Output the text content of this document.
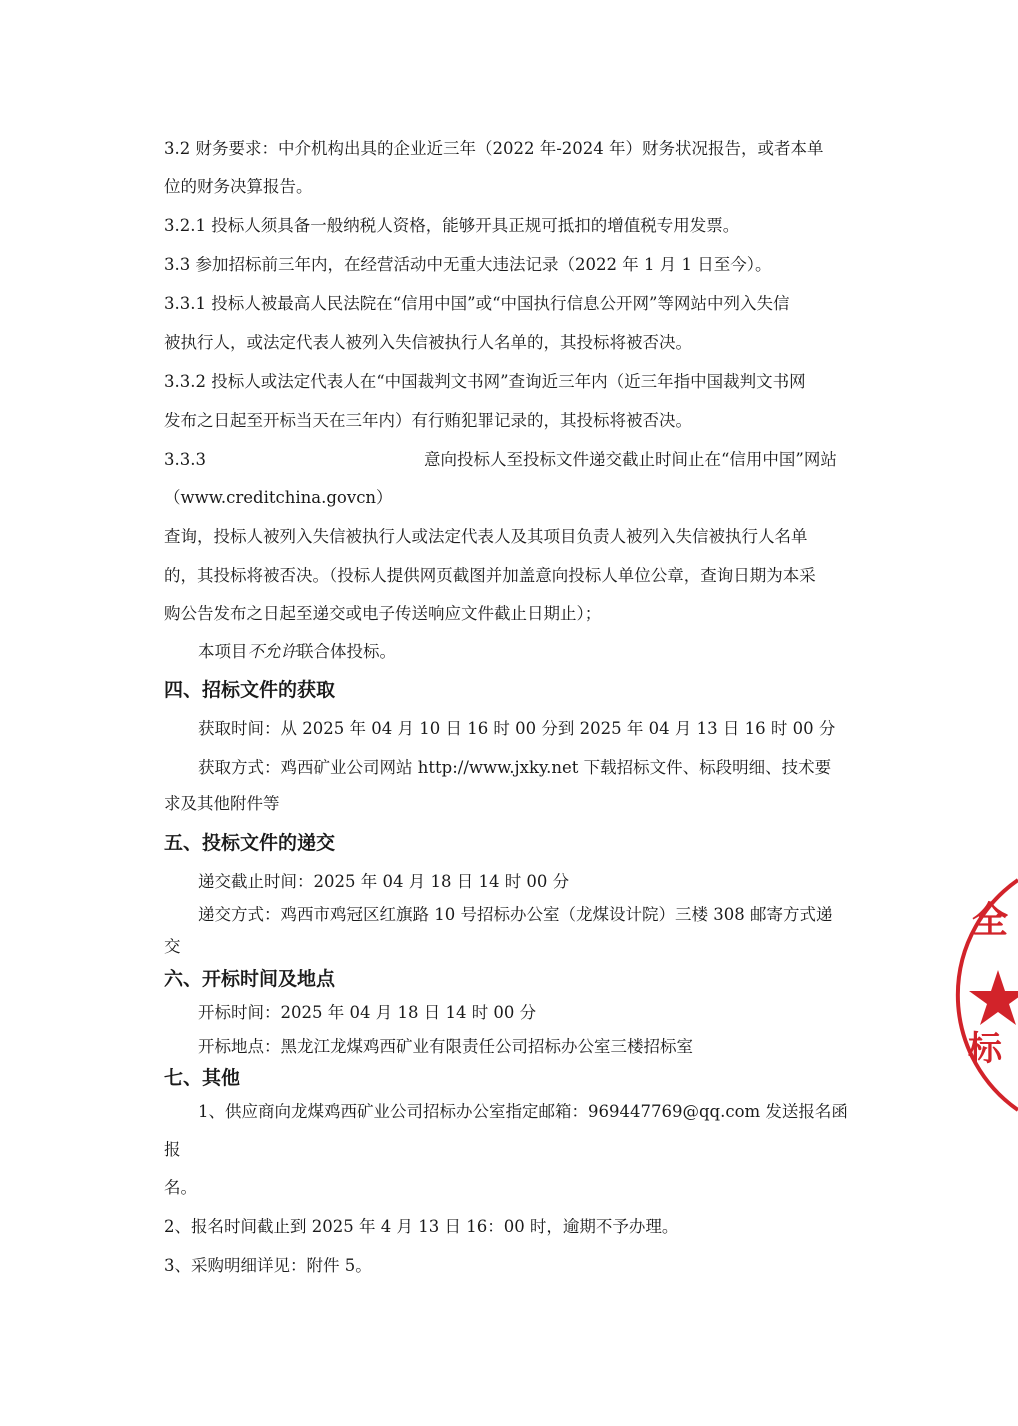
3.2 财务要求：中介机构出具的企业近三年（2022 年-2024 年）财务状况报告，或者本单
位的财务决算报告。
3.2.1 投标人须具备一般纳税人资格，能够开具正规可抵扣的增值税专用发票。
3.3 参加招标前三年内，在经营活动中无重大违法记录（2022 年 1 月 1 日至今）。
3.3.1 投标人被最高人民法院在“信用中国”或“中国执行信息公开网”等网站中列入失信
被执行人，或法定代表人被列入失信被执行人名单的，其投标将被否决。
3.3.2 投标人或法定代表人在“中国裁判文书网”查询近三年内（近三年指中国裁判文书网
发布之日起至开标当天在三年内）有行贿犯罪记录的，其投标将被否决。
3.3.3	意向投标人至投标文件递交截止时间止在“信用中国”网站
（www.creditchina.govcn）
查询，投标人被列入失信被执行人或法定代表人及其项目负责人被列入失信被执行人名单
的，其投标将被否决。（投标人提供网页截图并加盖意向投标人单位公章，查询日期为本采
购公告发布之日起至递交或电子传送响应文件截止日期止）；
本项目不允许联合体投标。
四、招标文件的获取
获取时间：从 2025 年 04 月 10 日 16 时 00 分到 2025 年 04 月 13 日 16 时 00 分
获取方式：鸡西矿业公司网站 http://www.jxky.net 下载招标文件、标段明细、技术要
求及其他附件等
五、投标文件的递交
递交截止时间：2025 年 04 月 18 日 14 时 00 分
递交方式：鸡西市鸡冠区红旗路 10 号招标办公室（龙煤设计院）三楼 308 邮寄方式递
交
六、开标时间及地点
开标时间：2025 年 04 月 18 日 14 时 00 分
开标地点：黑龙江龙煤鸡西矿业有限责任公司招标办公室三楼招标室
七、其他
1、供应商向龙煤鸡西矿业公司招标办公室指定邮箱：969447769@qq.com 发送报名函
报
名。
2、报名时间截止到 2025 年 4 月 13 日 16：00 时，逾期不予办理。
3、采购明细详见：附件 5。
全
标
